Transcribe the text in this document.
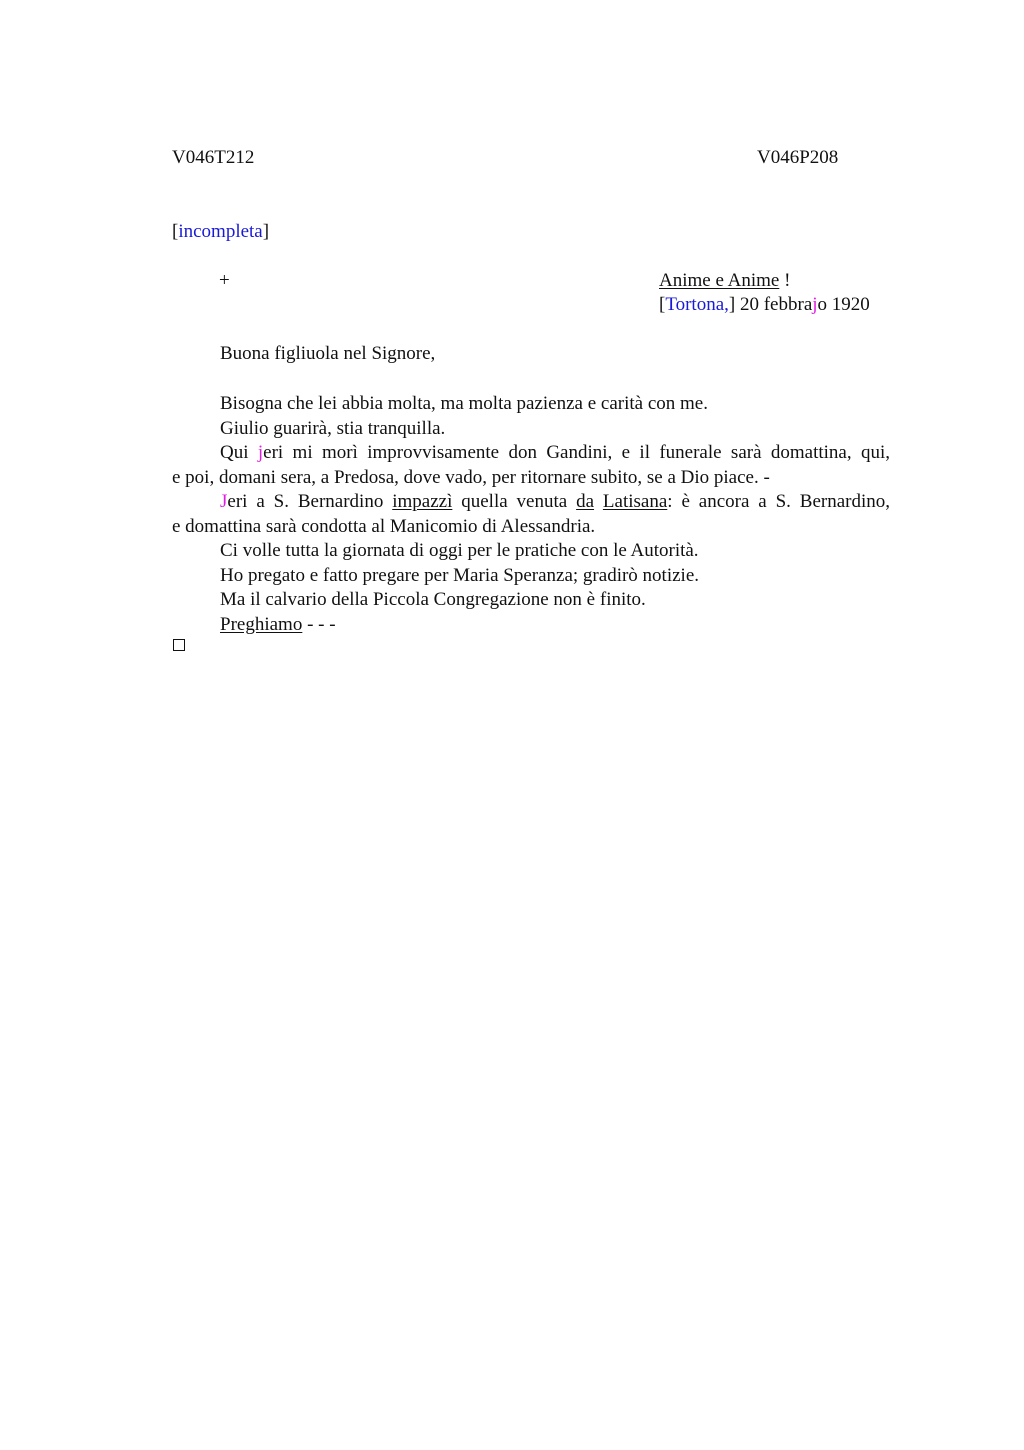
V046T212	V046P208
[incompleta]
+	Anime e Anime !
[Tortona,] 20 febbrajo 1920
Buona figliuola nel Signore,
Bisogna che lei abbia molta, ma molta pazienza e carità con me.
Giulio guarirà, stia tranquilla.
Qui jeri mi morì improvvisamente don Gandini, e il funerale sarà domattina, qui,
e poi, domani sera, a Predosa, dove vado, per ritornare subito, se a Dio piace. -
Jeri a S. Bernardino impazzì quella venuta da Latisana: è ancora a S. Bernardino,
e domattina sarà condotta al Manicomio di Alessandria.
Ci volle tutta la giornata di oggi per le pratiche con le Autorità.
Ho pregato e fatto pregare per Maria Speranza; gradirò notizie.
Ma il calvario della Piccola Congregazione non è finito.
Preghiamo - - -
